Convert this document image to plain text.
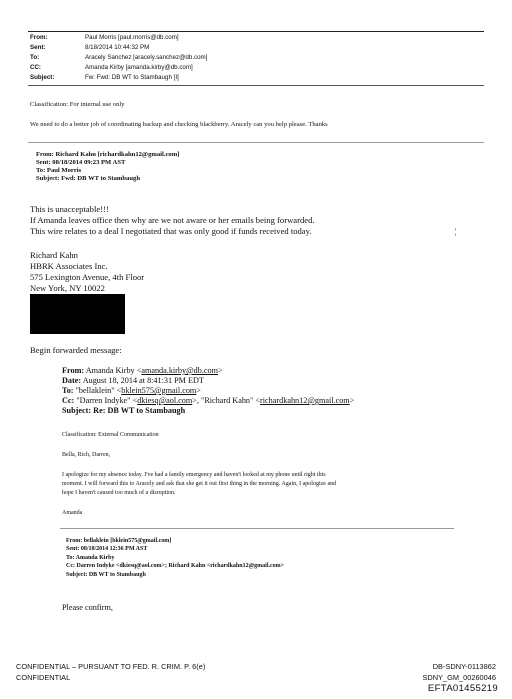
From:	Paul Morris [paul.morris@db.com]
Sent:	8/18/2014 10:44:32 PM
To:	Aracely Sanchez [aracely.sanchez@db.com]
CC:	Amanda Kirby [amanda.kirby@db.com]
Subject:	Fw: Fwd: DB WT to Stambaugh [I]
Classification: For internal use only
We need to do a better job of coordinating backup and checking blackberry. Aracely can you help please. Thanks
From: Richard Kahn [richardkahn12@gmail.com]
Sent: 08/18/2014 09:23 PM AST
To: Paul Morris
Subject: Fwd: DB WT to Stambaugh
This is unacceptable!!!
If Amanda leaves office then why are we not aware or her emails being forwarded.
This wire relates to a deal I negotiated that was only good if funds received today.
Richard Kahn
HBRK Associates Inc.
575 Lexington Avenue, 4th Floor
New York, NY 10022
¦
Begin forwarded message:
From: Amanda Kirby <amanda.kirby@db.com>
Date: August 18, 2014 at 8:41:31 PM EDT
To: "bellaklein" <bklein575@gmail.com>
Cc: "Darren Indyke" <dkiesq@aol.com>, "Richard Kahn" <richardkahn12@gmail.com>
Subject: Re: DB WT to Stambaugh
Classification: External Communication
Bella, Rich, Darren,
I apologize for my absence today. I've had a family emergency and haven't looked at my phone until right this
moment. I will forward this to Aracely and ask that she get it out first thing in the morning. Again, I apologize and
hope I haven't caused too much of a disruption.
Amanda
From: bellaklein [bklein575@gmail.com]
Sent: 08/18/2014 12:36 PM AST
To: Amanda Kirby
Cc: Darren Indyke <dkiesq@aol.com>; Richard Kahn <richardkahn12@gmail.com>
Subject: DB WT to Stambaugh
Please confirm,
CONFIDENTIAL – PURSUANT TO FED. R. CRIM. P. 6(e)
CONFIDENTIAL
DB-SDNY-0113862
SDNY_GM_00260046
EFTA01455219
